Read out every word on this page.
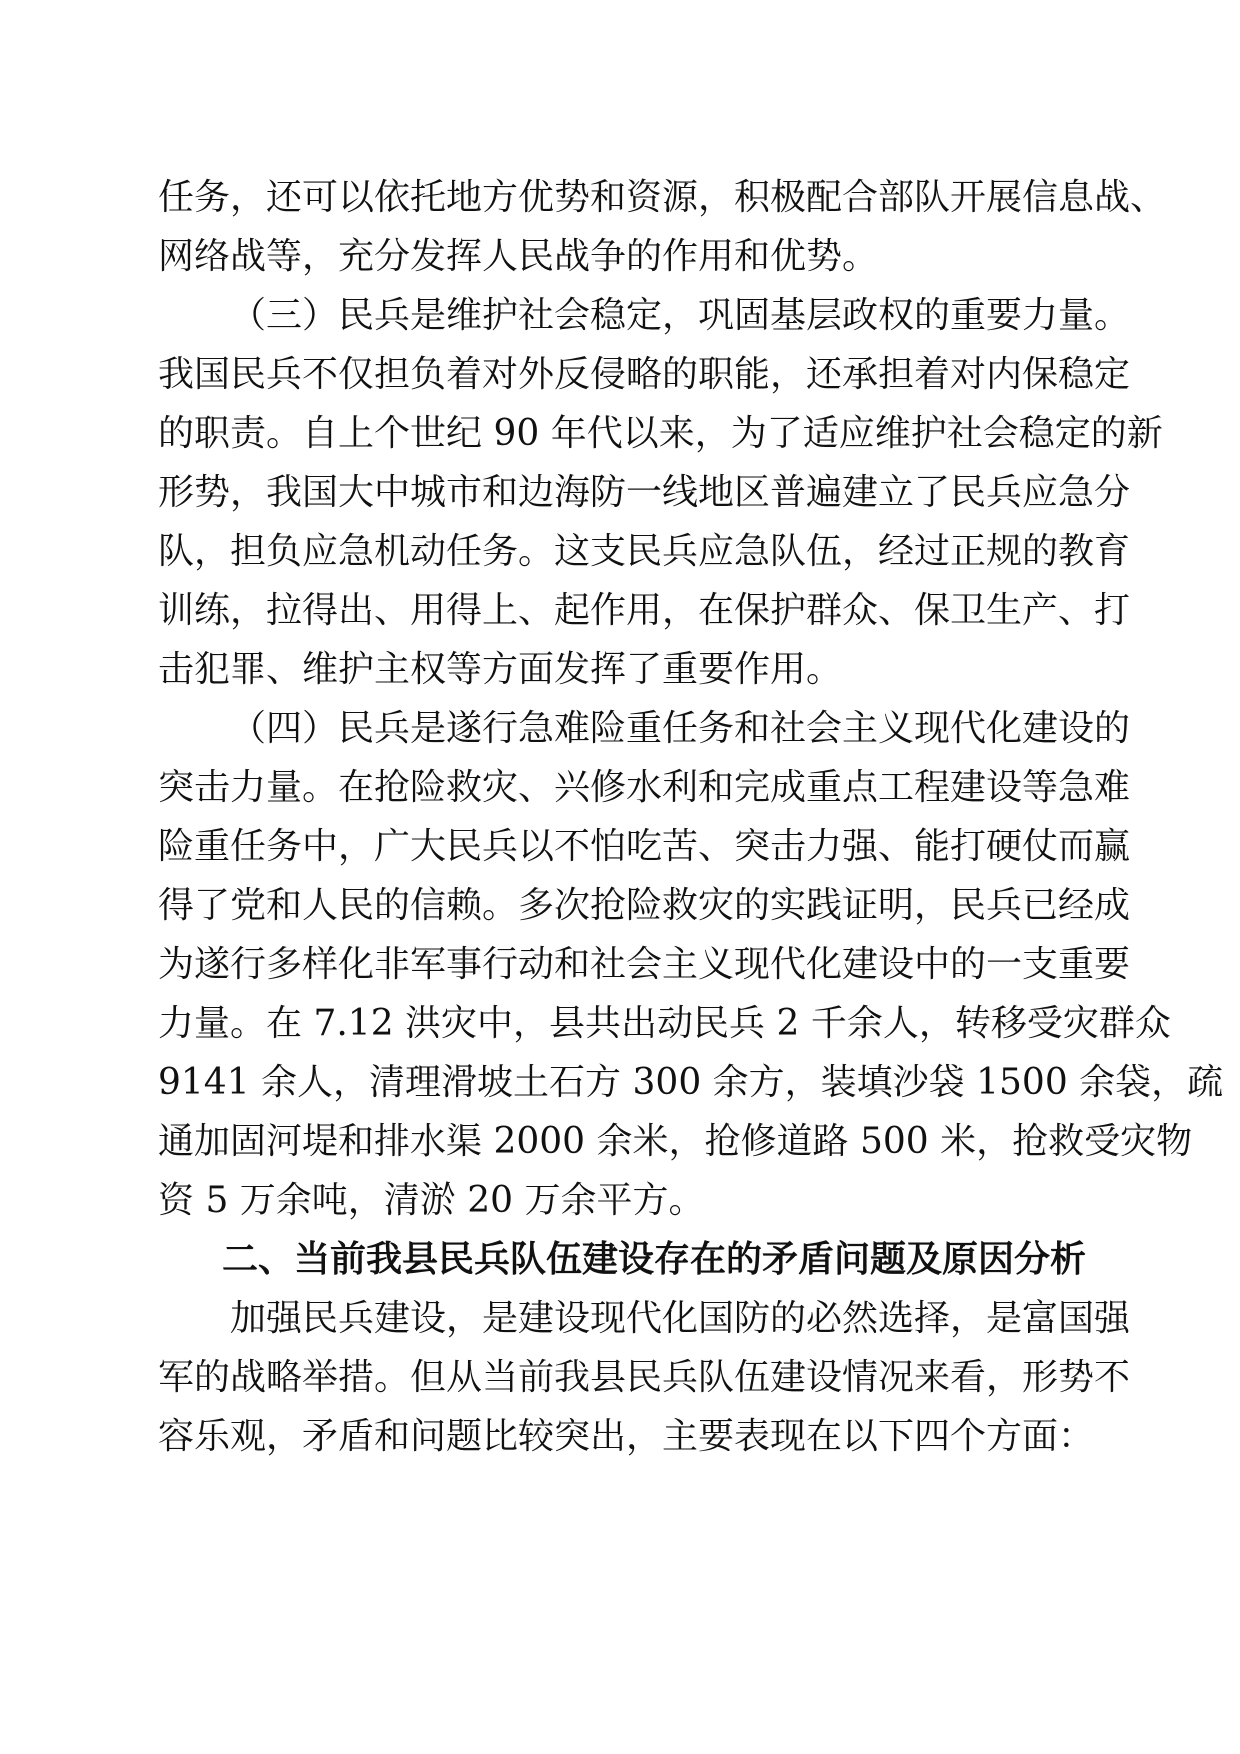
任务，还可以依托地方优势和资源，积极配合部队开展信息战、
网络战等，充分发挥人民战争的作用和优势。
（三）民兵是维护社会稳定，巩固基层政权的重要力量。
我国民兵不仅担负着对外反侵略的职能，还承担着对内保稳定
的职责。自上个世纪 90 年代以来，为了适应维护社会稳定的新
形势，我国大中城市和边海防一线地区普遍建立了民兵应急分
队，担负应急机动任务。这支民兵应急队伍，经过正规的教育
训练，拉得出、用得上、起作用，在保护群众、保卫生产、打
击犯罪、维护主权等方面发挥了重要作用。
（四）民兵是遂行急难险重任务和社会主义现代化建设的
突击力量。在抢险救灾、兴修水利和完成重点工程建设等急难
险重任务中，广大民兵以不怕吃苦、突击力强、能打硬仗而赢
得了党和人民的信赖。多次抢险救灾的实践证明，民兵已经成
为遂行多样化非军事行动和社会主义现代化建设中的一支重要
力量。在 7.12 洪灾中，县共出动民兵 2 千余人，转移受灾群众
9141 余人，清理滑坡土石方 300 余方，装填沙袋 1500 余袋，疏
通加固河堤和排水渠 2000 余米，抢修道路 500 米，抢救受灾物
资 5 万余吨，清淤 20 万余平方。
二、当前我县民兵队伍建设存在的矛盾问题及原因分析
加强民兵建设，是建设现代化国防的必然选择，是富国强
军的战略举措。但从当前我县民兵队伍建设情况来看，形势不
容乐观，矛盾和问题比较突出，主要表现在以下四个方面：
